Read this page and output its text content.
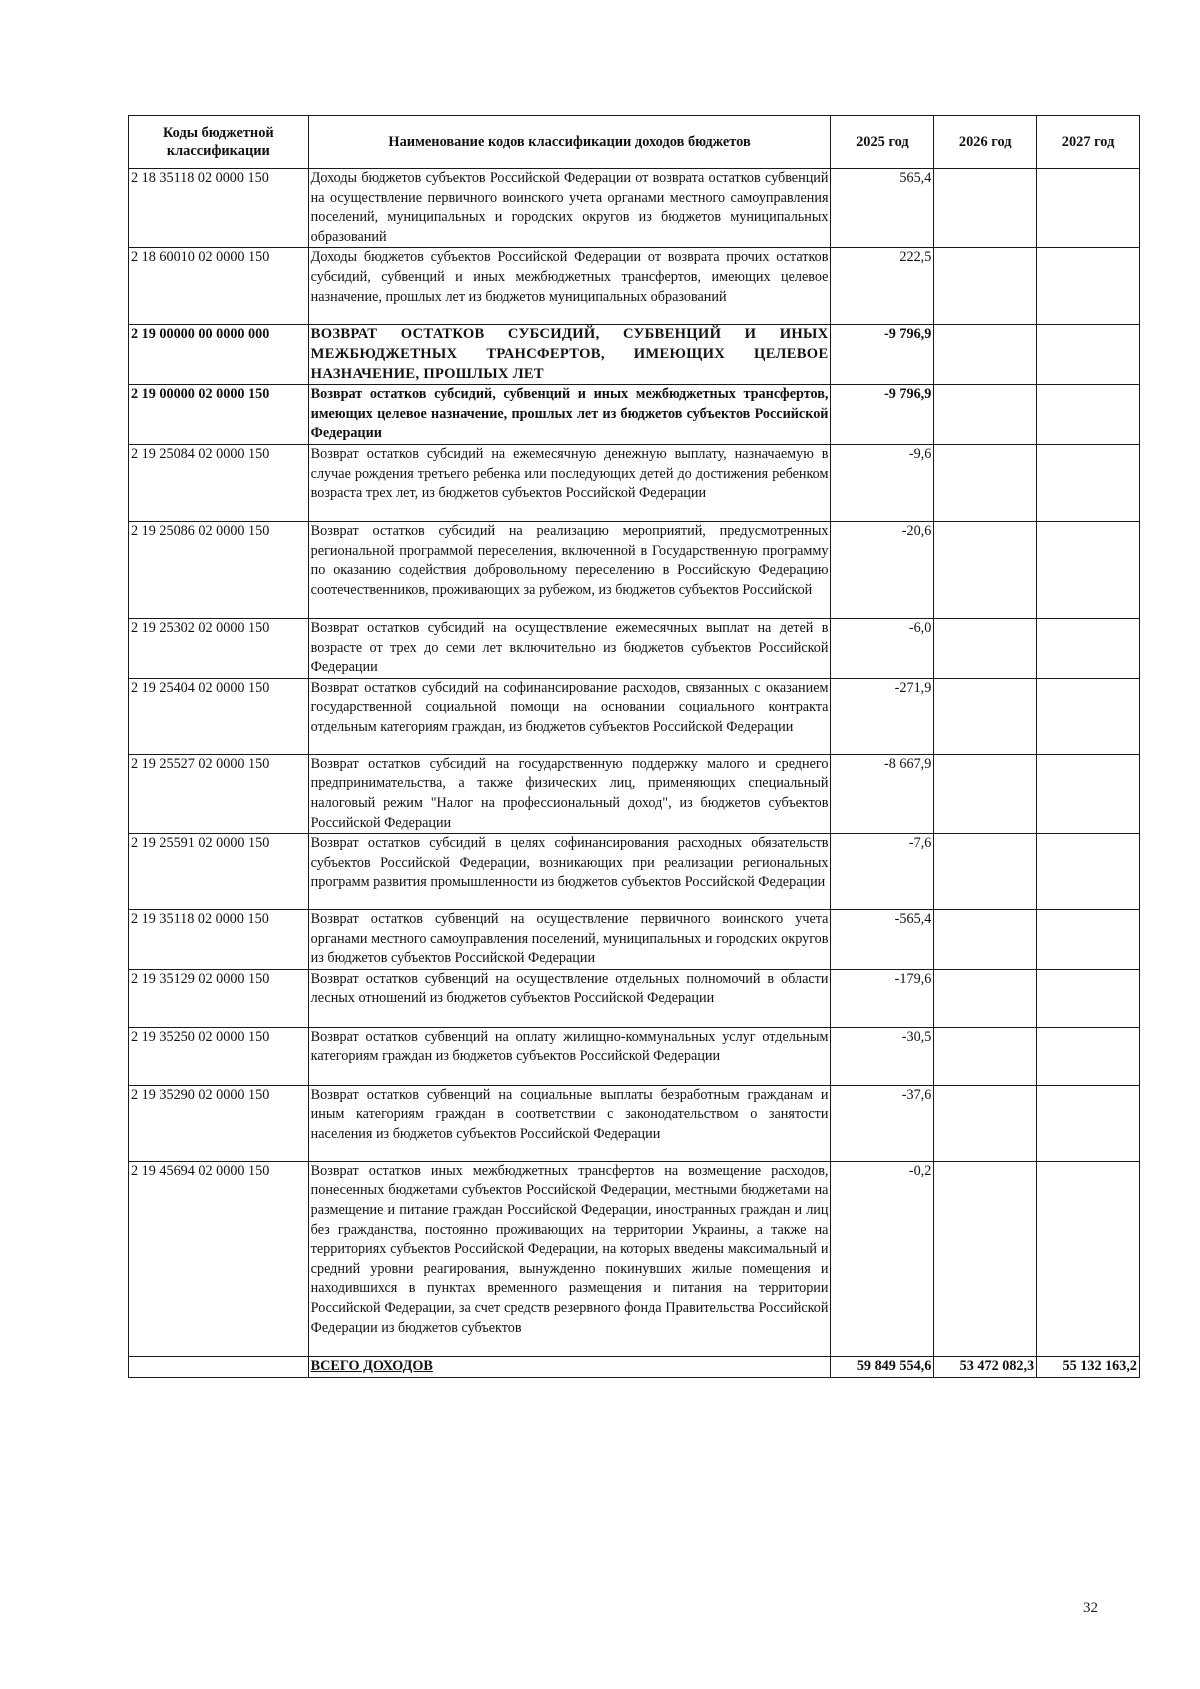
Коды бюджетной классификации	Наименование кодов классификации доходов бюджетов	2025 год	2026 год	2027 год
2 18 35118 02 0000 150	Доходы бюджетов субъектов Российской Федерации от возврата остатков субвенций на осуществление первичного воинского учета органами местного самоуправления поселений, муниципальных и городских округов из бюджетов муниципальных образований	565,4		
2 18 60010 02 0000 150	Доходы бюджетов субъектов Российской Федерации от возврата прочих остатков субсидий, субвенций и иных межбюджетных трансфертов, имеющих целевое назначение, прошлых лет из бюджетов муниципальных образований	222,5		
2 19 00000 00 0000 000	ВОЗВРАТ ОСТАТКОВ СУБСИДИЙ, СУБВЕНЦИЙ И ИНЫХ МЕЖБЮДЖЕТНЫХ ТРАНСФЕРТОВ, ИМЕЮЩИХ ЦЕЛЕВОЕ НАЗНАЧЕНИЕ, ПРОШЛЫХ ЛЕТ	-9 796,9		
2 19 00000 02 0000 150	Возврат остатков субсидий, субвенций и иных межбюджетных трансфертов, имеющих целевое назначение, прошлых лет из бюджетов субъектов Российской Федерации	-9 796,9		
2 19 25084 02 0000 150	Возврат остатков субсидий на ежемесячную денежную выплату, назначаемую в случае рождения третьего ребенка или последующих детей до достижения ребенком возраста трех лет, из бюджетов субъектов Российской Федерации	-9,6		
2 19 25086 02 0000 150	Возврат остатков субсидий на реализацию мероприятий, предусмотренных региональной программой переселения, включенной в Государственную программу по оказанию содействия добровольному переселению в Российскую Федерацию соотечественников, проживающих за рубежом, из бюджетов субъектов Российской	-20,6		
2 19 25302 02 0000 150	Возврат остатков субсидий на осуществление ежемесячных выплат на детей в возрасте от трех до семи лет включительно из бюджетов субъектов Российской Федерации	-6,0		
2 19 25404 02 0000 150	Возврат остатков субсидий на софинансирование расходов, связанных с оказанием государственной социальной помощи на основании социального контракта отдельным категориям граждан, из бюджетов субъектов Российской Федерации	-271,9		
2 19 25527 02 0000 150	Возврат остатков субсидий на государственную поддержку малого и среднего предпринимательства, а также физических лиц, применяющих специальный налоговый режим "Налог на профессиональный доход", из бюджетов субъектов Российской Федерации	-8 667,9		
2 19 25591 02 0000 150	Возврат остатков субсидий в целях софинансирования расходных обязательств субъектов Российской Федерации, возникающих при реализации региональных программ развития промышленности из бюджетов субъектов Российской Федерации	-7,6		
2 19 35118 02 0000 150	Возврат остатков субвенций на осуществление первичного воинского учета органами местного самоуправления поселений, муниципальных и городских округов из бюджетов субъектов Российской Федерации	-565,4		
2 19 35129 02 0000 150	Возврат остатков субвенций на осуществление отдельных полномочий в области лесных отношений из бюджетов субъектов Российской Федерации	-179,6		
2 19 35250 02 0000 150	Возврат остатков субвенций на оплату жилищно-коммунальных услуг отдельным категориям граждан из бюджетов субъектов Российской Федерации	-30,5		
2 19 35290 02 0000 150	Возврат остатков субвенций на социальные выплаты безработным гражданам и иным категориям граждан в соответствии с законодательством о занятости населения из бюджетов субъектов Российской Федерации	-37,6		
2 19 45694 02 0000 150	Возврат остатков иных межбюджетных трансфертов на возмещение расходов, понесенных бюджетами субъектов Российской Федерации, местными бюджетами на размещение и питание граждан Российской Федерации, иностранных граждан и лиц без гражданства, постоянно проживающих на территории Украины, а также на территориях субъектов Российской Федерации, на которых введены максимальный и средний уровни реагирования, вынужденно покинувших жилые помещения и находившихся в пунктах временного размещения и питания на территории Российской Федерации, за счет средств резервного фонда Правительства Российской Федерации из бюджетов субъектов	-0,2		
	ВСЕГО ДОХОДОВ	59 849 554,6	53 472 082,3	55 132 163,2
32
